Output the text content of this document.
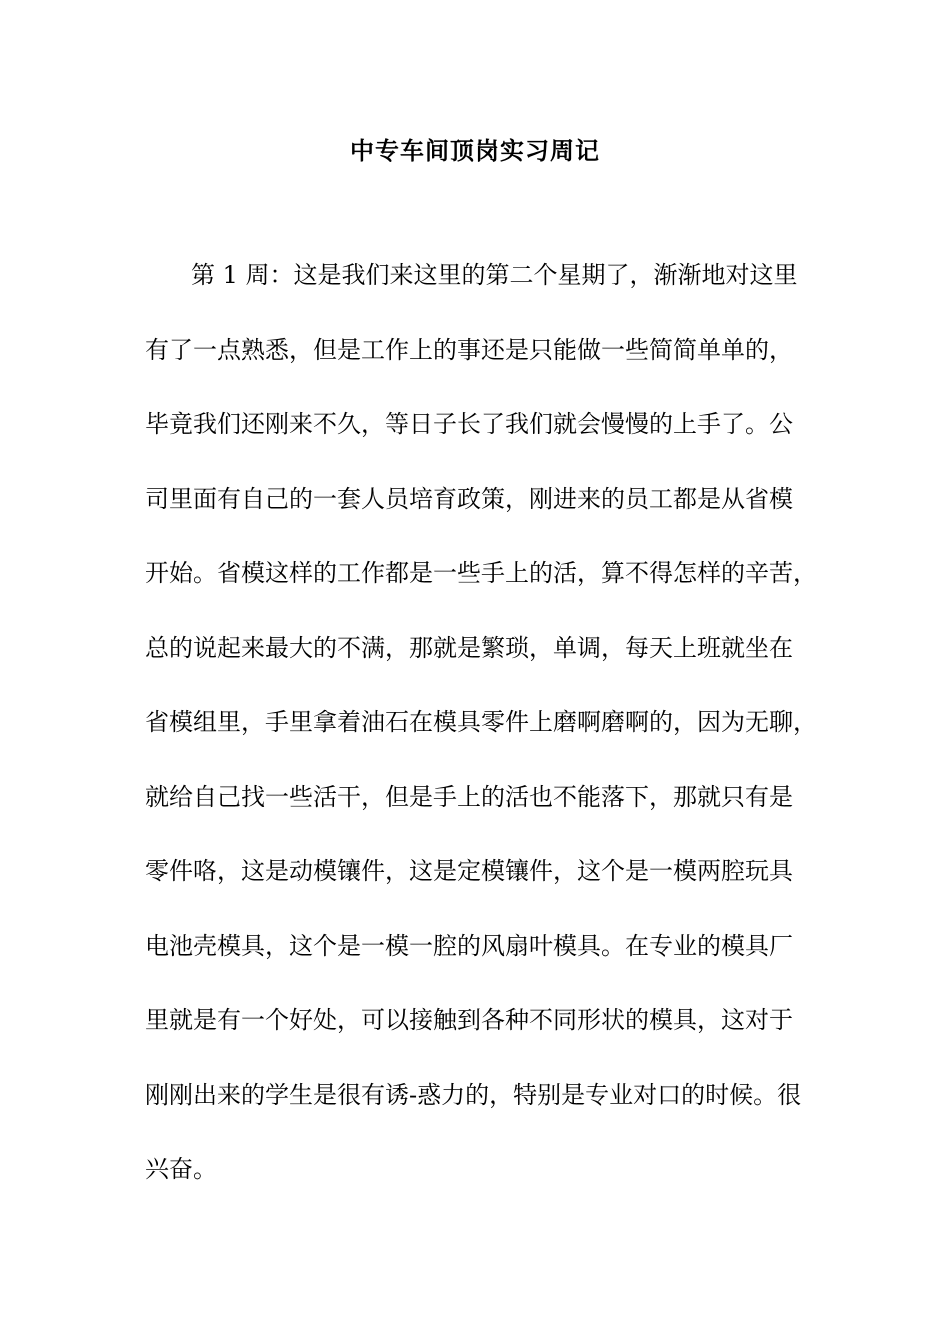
中专车间顶岗实习周记
第 1 周：这是我们来这里的第二个星期了，渐渐地对这里
有了一点熟悉，但是工作上的事还是只能做一些简简单单的，
毕竟我们还刚来不久，等日子长了我们就会慢慢的上手了。公
司里面有自己的一套人员培育政策，刚进来的员工都是从省模
开始。省模这样的工作都是一些手上的活，算不得怎样的辛苦，
总的说起来最大的不满，那就是繁琐，单调，每天上班就坐在
省模组里，手里拿着油石在模具零件上磨啊磨啊的，因为无聊，
就给自己找一些活干，但是手上的活也不能落下，那就只有是
零件咯，这是动模镶件，这是定模镶件，这个是一模两腔玩具
电池壳模具，这个是一模一腔的风扇叶模具。在专业的模具厂
里就是有一个好处，可以接触到各种不同形状的模具，这对于
刚刚出来的学生是很有诱-惑力的，特别是专业对口的时候。很
兴奋。
